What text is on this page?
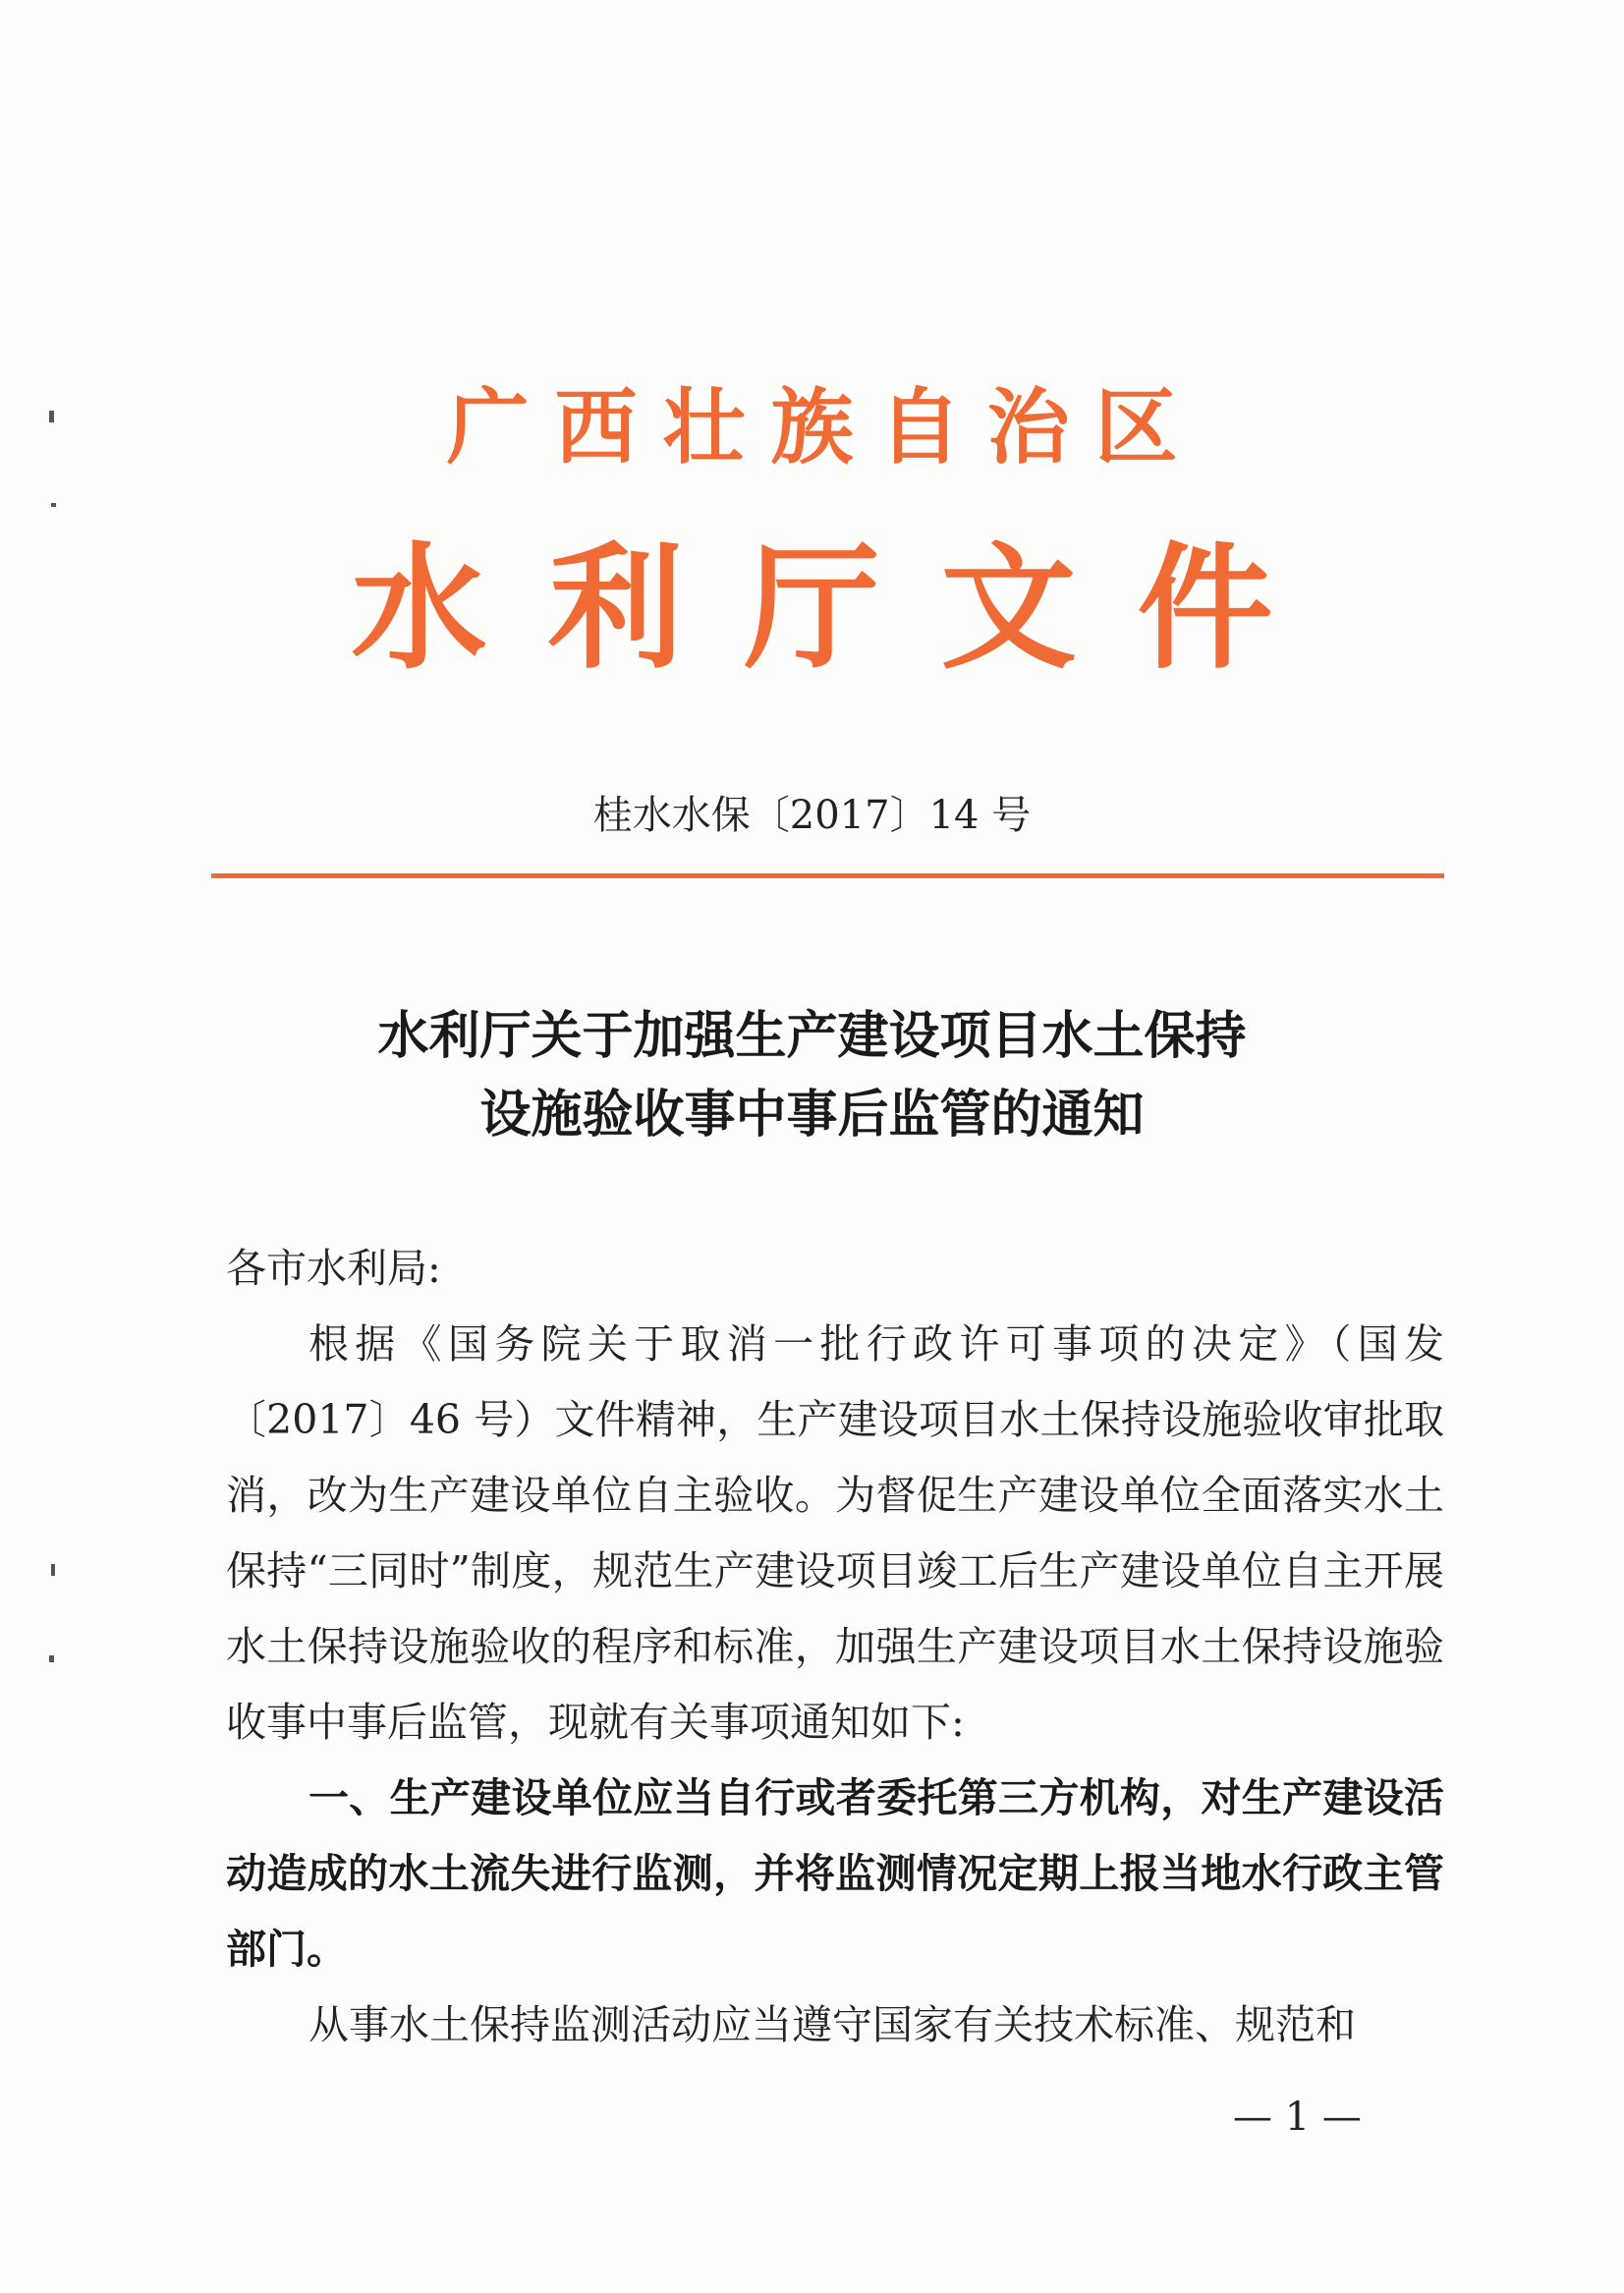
广西壮族自治区
水利厅文件
桂水水保〔2017〕14 号
水利厅关于加强生产建设项目水土保持
设施验收事中事后监管的通知

各市水利局:

根据《国务院关于取消一批行政许可事项的决定》（国发〔2017〕46 号）文件精神，生产建设项目水土保持设施验收审批取消，改为生产建设单位自主验收。为督促生产建设单位全面落实水土保持“三同时”制度，规范生产建设项目竣工后生产建设单位自主开展水土保持设施验收的程序和标准，加强生产建设项目水土保持设施验收事中事后监管，现就有关事项通知如下:

一、生产建设单位应当自行或者委托第三方机构，对生产建设活动造成的水土流失进行监测，并将监测情况定期上报当地水行政主管部门。

从事水土保持监测活动应当遵守国家有关技术标准、规范和

— 1 —
